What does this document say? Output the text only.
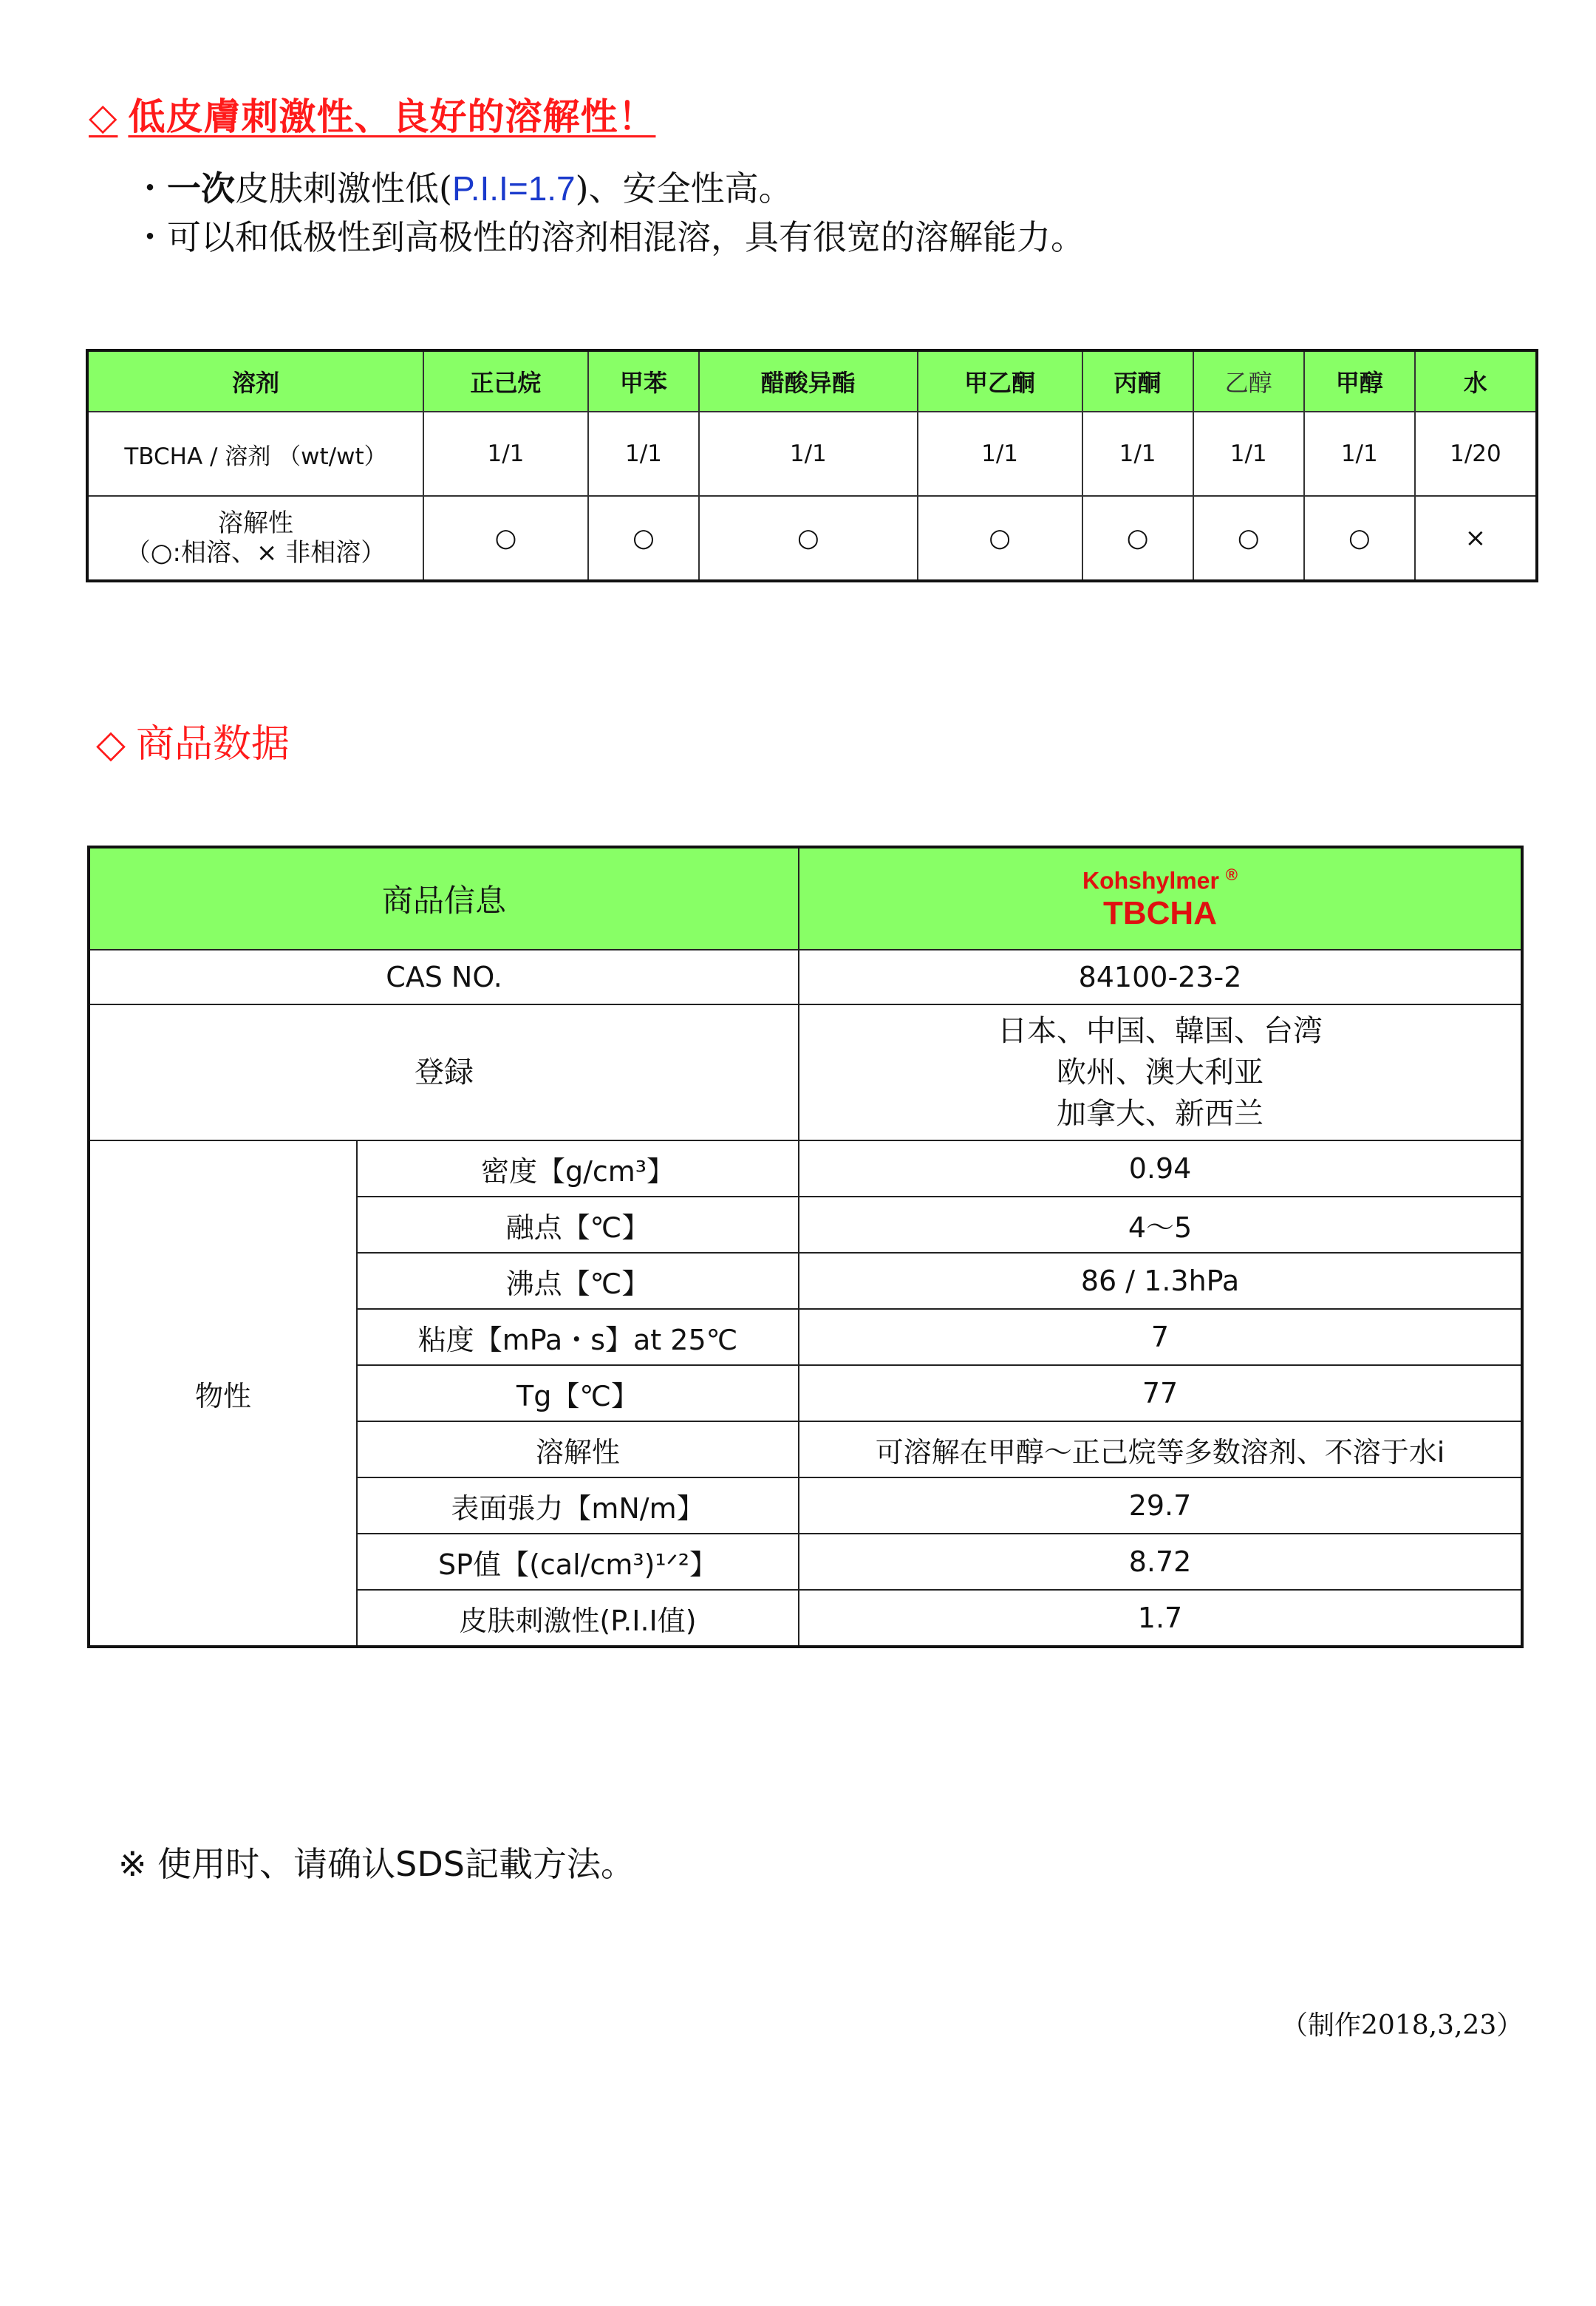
◇ 低皮膚刺激性、良好的溶解性！
・一次皮肤刺激性低(P.I.I=1.7)、安全性高。
・可以和低极性到高极性的溶剂相混溶，具有很宽的溶解能力。
溶剂	正己烷	甲苯	醋酸异酯	甲乙酮	丙酮	乙醇	甲醇	水
TBCHA / 溶剂 （wt/wt）	1/1	1/1	1/1	1/1	1/1	1/1	1/1	1/20

溶解性
（○:相溶、× 非相溶）	○	○	○	○	○	○	○	×
◇ 商品数据
商品信息		Kohshylmer ®
TBCHA

CAS NO.		84100-23-2
登録		日本、中国、韓国、台湾
欧州、澳大利亚
加拿大、新西兰

物性	密度【g/cm³】	0.94
	融点【℃】	4～5
	沸点【℃】	86 / 1.3hPa
	粘度【mPa・s】at 25℃	7
	Tg【℃】	77
	溶解性	可溶解在甲醇～正己烷等多数溶剂、不溶于水i
	表面張力【mN/m】	29.7
	SP值【(cal/cm³)¹ᐟ²】	8.72
	皮肤刺激性(P.I.I值)	1.7
※ 使用时、请确认SDS記載方法。
（制作2018,3,23）
